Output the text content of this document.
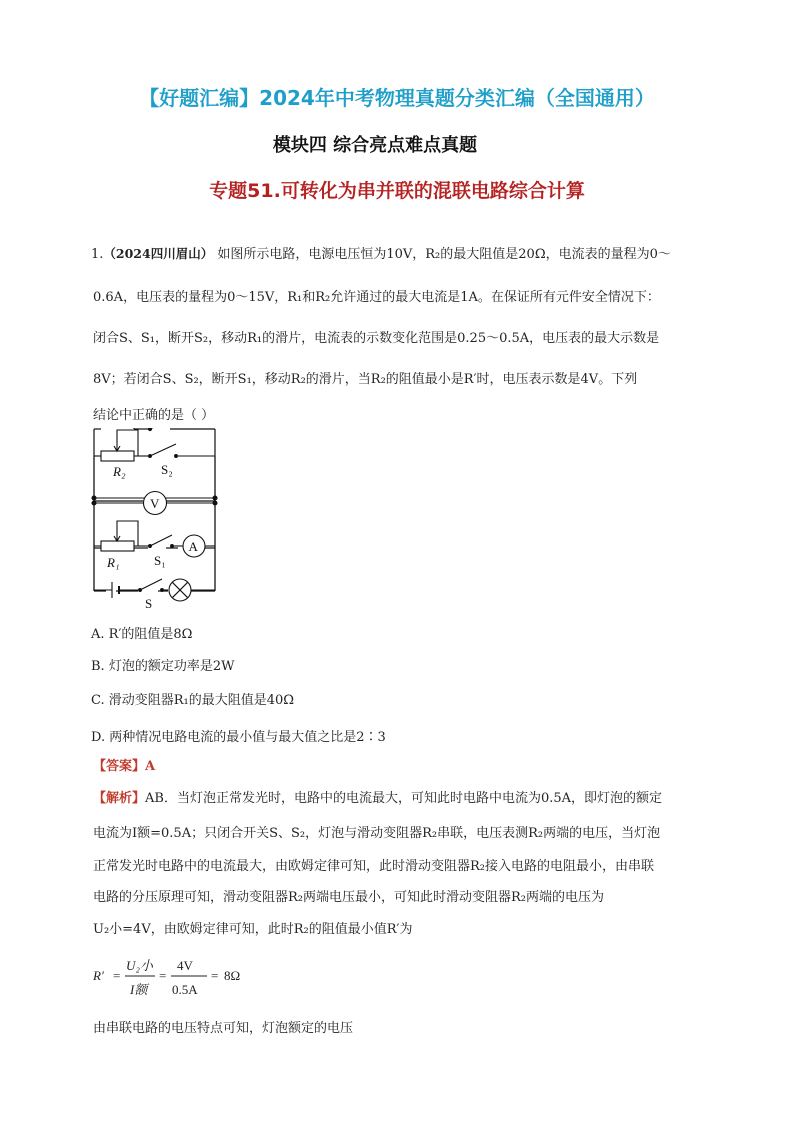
【好题汇编】2024年中考物理真题分类汇编（全国通用）
模块四 综合亮点难点真题
专题51.可转化为串并联的混联电路综合计算
1.（2024四川眉山） 如图所示电路，电源电压恒为10V，R₂的最大阻值是20Ω，电流表的量程为0～
0.6A，电压表的量程为0～15V，R₁和R₂允许通过的最大电流是1A。在保证所有元件安全情况下：
闭合S、S₁，断开S₂，移动R₁的滑片，电流表的示数变化范围是0.25～0.5A，电压表的最大示数是
8V；若闭合S、S₂，断开S₁，移动R₂的滑片，当R₂的阻值最小是R′时，电压表示数是4V。下列
结论中正确的是（ ）
R₂	S₂
V
A
R₁	S₁
S
A. R′的阻值是8Ω
B. 灯泡的额定功率是2W
C. 滑动变阻器R₁的最大阻值是40Ω
D. 两种情况电路电流的最小值与最大值之比是2∶3
【答案】A
【解析】AB．当灯泡正常发光时，电路中的电流最大，可知此时电路中电流为0.5A，即灯泡的额定
电流为I额=0.5A；只闭合开关S、S₂，灯泡与滑动变阻器R₂串联，电压表测R₂两端的电压，当灯泡
正常发光时电路中的电流最大，由欧姆定律可知，此时滑动变阻器R₂接入电路的电阻最小，由串联
电路的分压原理可知，滑动变阻器R₂两端电压最小，可知此时滑动变阻器R₂两端的电压为
U₂小=4V，由欧姆定律可知，此时R₂的阻值最小值R′为
R′ =
U₂小
I额
=
4V
0.5A
= 8Ω
由串联电路的电压特点可知，灯泡额定的电压
